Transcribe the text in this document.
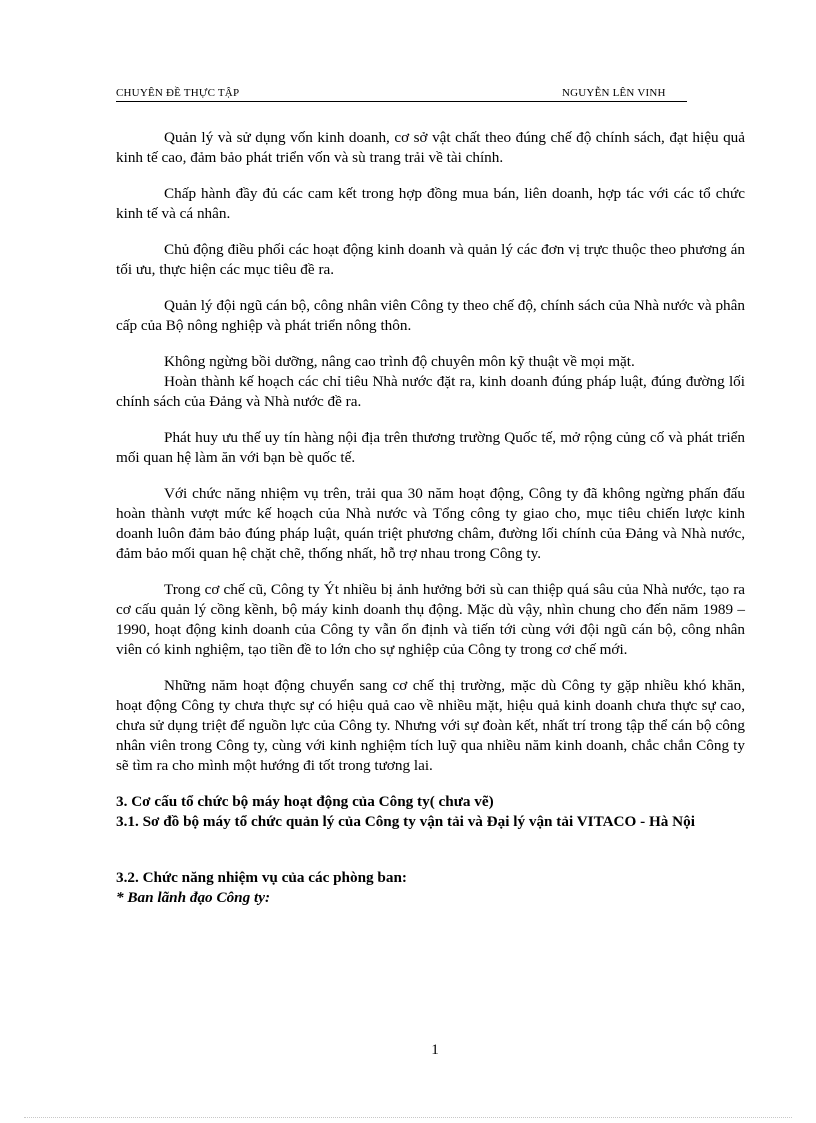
CHUYÊN ĐỀ THỰC TẬP	NGUYỄN LÊN VINH

Quản lý và sử dụng vốn kinh doanh, cơ sở vật chất theo đúng chế độ chính sách, đạt hiệu quả kinh tế cao, đảm bảo phát triển vốn và sù trang trải về tài chính.

Chấp hành đầy đủ các cam kết trong hợp đồng mua bán, liên doanh, hợp tác với các tổ chức kinh tế và cá nhân.

Chủ động điều phối các hoạt động kinh doanh và quản lý các đơn vị trực thuộc theo phương án tối ưu, thực hiện các mục tiêu đề ra.

Quản lý đội ngũ cán bộ, công nhân viên Công ty theo chế độ, chính sách của Nhà nước và phân cấp của Bộ nông nghiệp và phát triển nông thôn.

Không ngừng bồi dưỡng, nâng cao trình độ chuyên môn kỹ thuật về mọi mặt.

Hoàn thành kế hoạch các chỉ tiêu Nhà nước đặt ra, kinh doanh đúng pháp luật, đúng đường lối chính sách của Đảng và Nhà nước đề ra.

Phát huy ưu thế uy tín hàng nội địa trên thương trường Quốc tế, mở rộng củng cố và phát triển mối quan hệ làm ăn với bạn bè quốc tế.

Với chức năng nhiệm vụ trên, trải qua 30 năm hoạt động, Công ty đã không ngừng phấn đấu hoàn thành vượt mức kế hoạch của Nhà nước và Tổng công ty giao cho, mục tiêu chiến lược kinh doanh luôn đảm bảo đúng pháp luật, quán triệt phương châm, đường lối chính của Đảng và Nhà nước, đảm bảo mối quan hệ chặt chẽ, thống nhất, hỗ trợ nhau trong Công ty.

Trong cơ chế cũ, Công ty Ýt nhiều bị ảnh hưởng bởi sù can thiệp quá sâu của Nhà nước, tạo ra cơ cấu quản lý cồng kềnh, bộ máy kinh doanh thụ động. Mặc dù vậy, nhìn chung cho đến năm 1989 – 1990, hoạt động kinh doanh của Công ty vẫn ổn định và tiến tới cùng với đội ngũ cán bộ, công nhân viên có kinh nghiệm, tạo tiền đề to lớn cho sự nghiệp của Công ty trong cơ chế mới.

Những năm hoạt động chuyển sang cơ chế thị trường, mặc dù Công ty gặp nhiều khó khăn, hoạt động Công ty chưa thực sự có hiệu quả cao về nhiều mặt, hiệu quả kinh doanh chưa thực sự cao, chưa sử dụng triệt để nguồn lực của Công ty. Nhưng với sự đoàn kết, nhất trí trong tập thể cán bộ công nhân viên trong Công ty, cùng với kinh nghiệm tích luỹ qua nhiều năm kinh doanh, chắc chắn Công ty sẽ tìm ra cho mình một hướng đi tốt trong tương lai.

3. Cơ cấu tổ chức bộ máy hoạt động của Công ty( chưa vẽ)

3.1. Sơ đồ bộ máy tổ chức quản lý của Công ty vận tải và Đại lý vận tải VITACO - Hà Nội

3.2. Chức năng nhiệm vụ của các phòng ban:

* Ban lãnh đạo Công ty:

1
